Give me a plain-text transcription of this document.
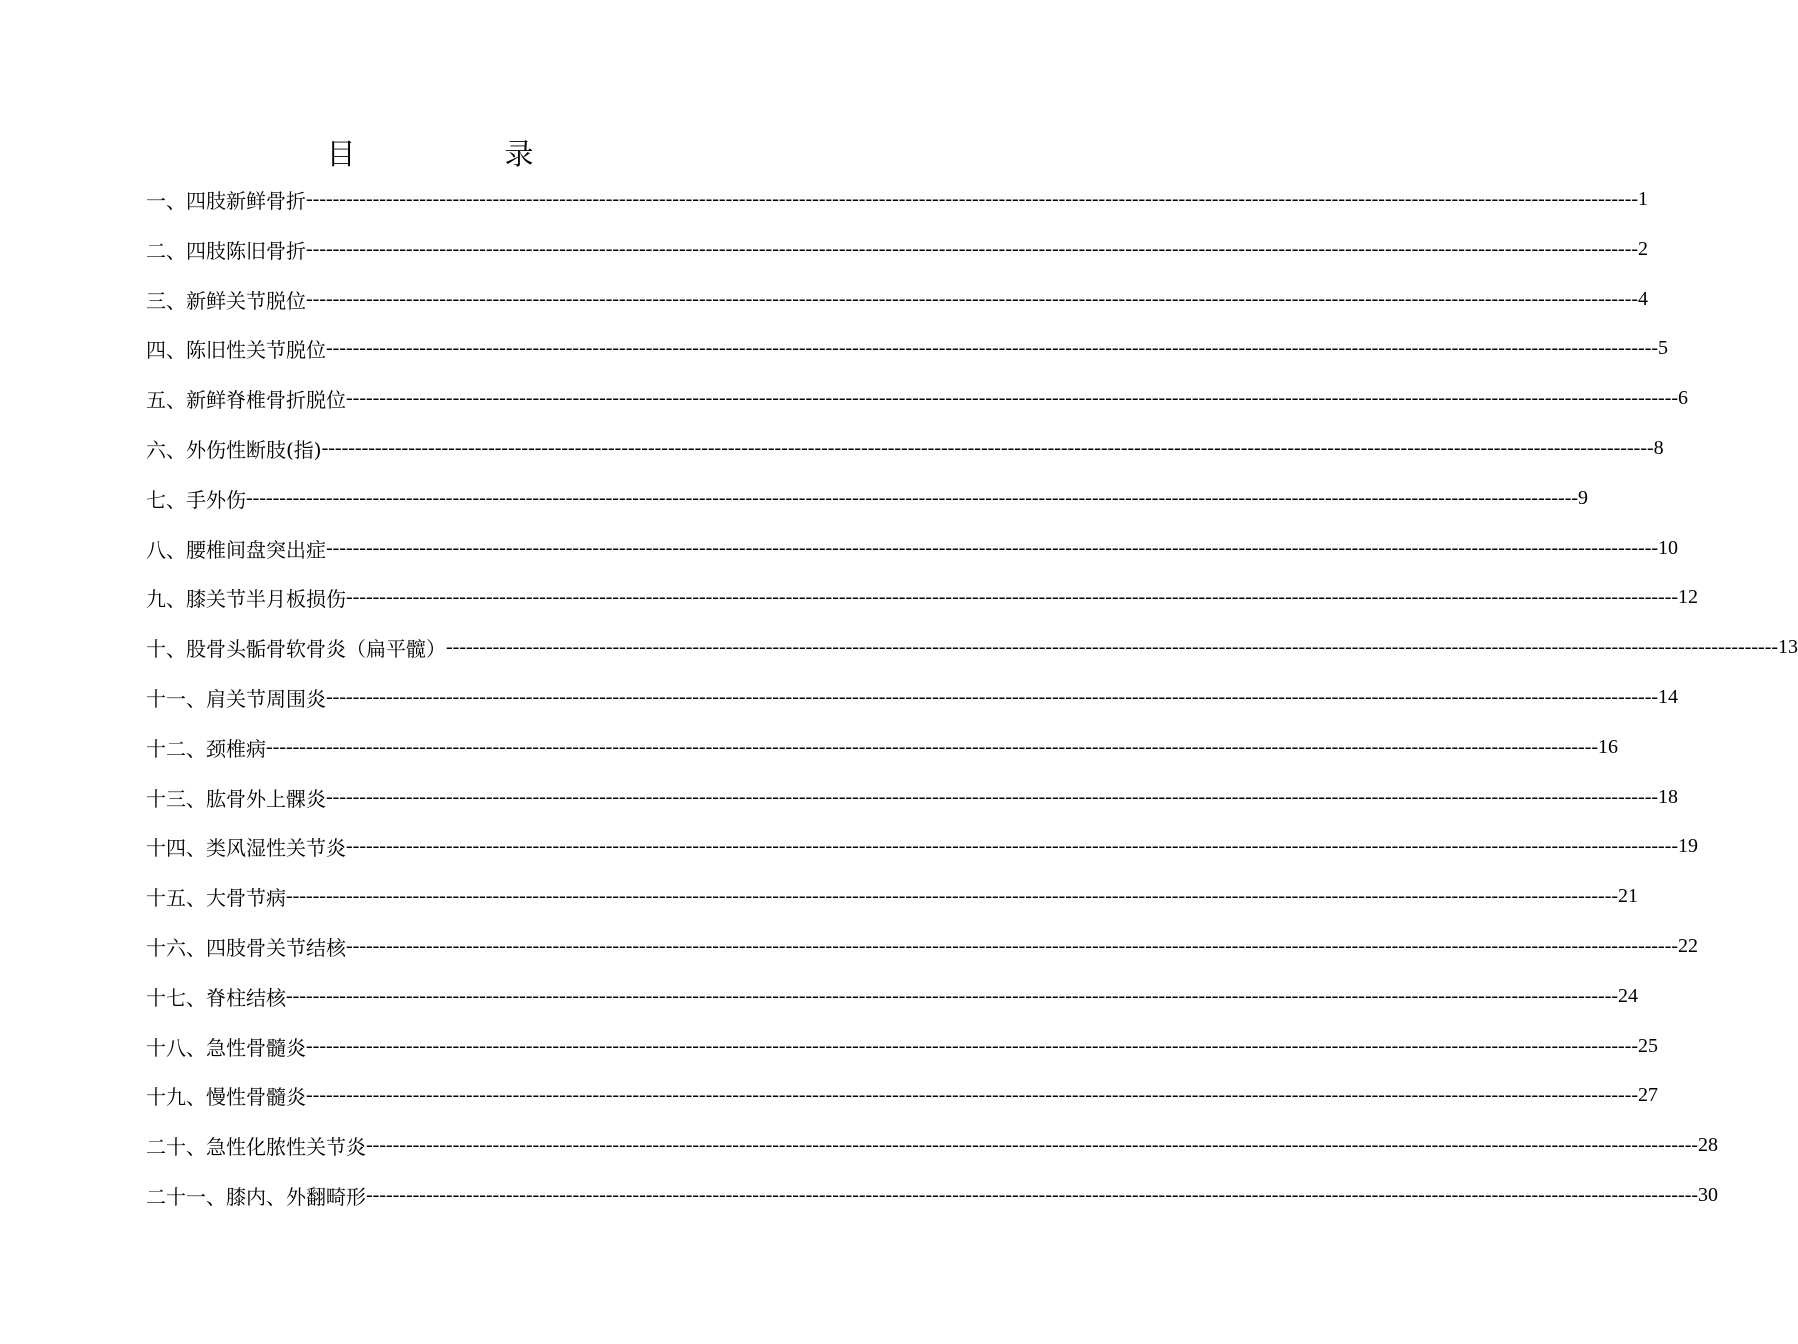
目　录
一、四肢新鲜骨折 -------------------------------------------------------------------------------------------------------------------------------------------------------------------------------------------------------- 1
二、四肢陈旧骨折 -------------------------------------------------------------------------------------------------------------------------------------------------------------------------------------------------------- 2
三、新鲜关节脱位 -------------------------------------------------------------------------------------------------------------------------------------------------------------------------------------------------------- 4
四、陈旧性关节脱位 -------------------------------------------------------------------------------------------------------------------------------------------------------------------------------------------------------- 5
五、新鲜脊椎骨折脱位 -------------------------------------------------------------------------------------------------------------------------------------------------------------------------------------------------------- 6
六、外伤性断肢(指) -------------------------------------------------------------------------------------------------------------------------------------------------------------------------------------------------------- 8
七、手外伤 -------------------------------------------------------------------------------------------------------------------------------------------------------------------------------------------------------- 9
八、腰椎间盘突出症 -------------------------------------------------------------------------------------------------------------------------------------------------------------------------------------------------------- 10
九、膝关节半月板损伤 -------------------------------------------------------------------------------------------------------------------------------------------------------------------------------------------------------- 12
十、股骨头骺骨软骨炎（扁平髋） -------------------------------------------------------------------------------------------------------------------------------------------------------------------------------------------------------- 13
十一、肩关节周围炎 -------------------------------------------------------------------------------------------------------------------------------------------------------------------------------------------------------- 14
十二、颈椎病 -------------------------------------------------------------------------------------------------------------------------------------------------------------------------------------------------------- 16
十三、肱骨外上髁炎 -------------------------------------------------------------------------------------------------------------------------------------------------------------------------------------------------------- 18
十四、类风湿性关节炎 -------------------------------------------------------------------------------------------------------------------------------------------------------------------------------------------------------- 19
十五、大骨节病 -------------------------------------------------------------------------------------------------------------------------------------------------------------------------------------------------------- 21
十六、四肢骨关节结核 -------------------------------------------------------------------------------------------------------------------------------------------------------------------------------------------------------- 22
十七、脊柱结核 -------------------------------------------------------------------------------------------------------------------------------------------------------------------------------------------------------- 24
十八、急性骨髓炎 -------------------------------------------------------------------------------------------------------------------------------------------------------------------------------------------------------- 25
十九、慢性骨髓炎 -------------------------------------------------------------------------------------------------------------------------------------------------------------------------------------------------------- 27
二十、急性化脓性关节炎 -------------------------------------------------------------------------------------------------------------------------------------------------------------------------------------------------------- 28
二十一、膝内、外翻畸形 -------------------------------------------------------------------------------------------------------------------------------------------------------------------------------------------------------- 30
